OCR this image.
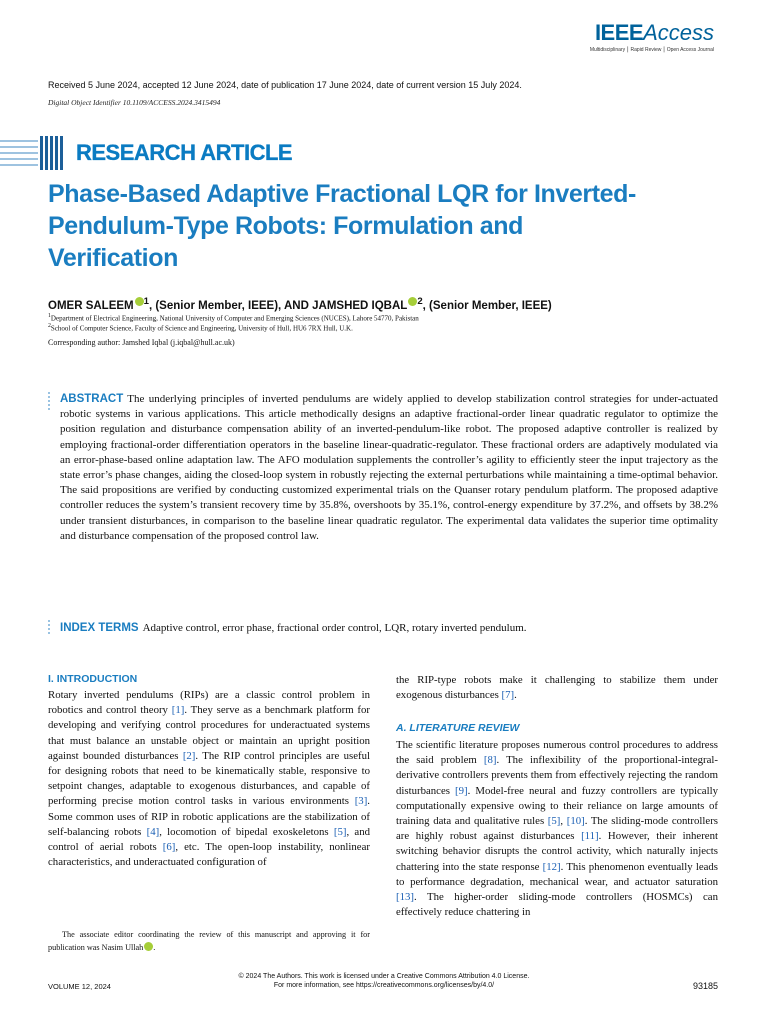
IEEEAccess
Multidisciplinary ⎮ Rapid Review ⎮ Open Access Journal
Received 5 June 2024, accepted 12 June 2024, date of publication 17 June 2024, date of current version 15 July 2024.
Digital Object Identifier 10.1109/ACCESS.2024.3415494
RESEARCH ARTICLE
Phase-Based Adaptive Fractional LQR for Inverted-Pendulum-Type Robots: Formulation and Verification
OMER SALEEM $^1$, (Senior Member, IEEE), AND JAMSHED IQBAL $^2$, (Senior Member, IEEE)
$^1$Department of Electrical Engineering, National University of Computer and Emerging Sciences (NUCES), Lahore 54770, Pakistan
$^2$School of Computer Science, Faculty of Science and Engineering, University of Hull, HU6 7RX Hull, U.K.
Corresponding author: Jamshed Iqbal (j.iqbal@hull.ac.uk)
ABSTRACT The underlying principles of inverted pendulums are widely applied to develop stabilization control strategies for under-actuated robotic systems in various applications. This article methodically designs an adaptive fractional-order linear quadratic regulator to optimize the position regulation and disturbance compensation ability of an inverted-pendulum-like robot. The proposed adaptive controller is realized by employing fractional-order differentiation operators in the baseline linear-quadratic-regulator. These fractional orders are adaptively modulated via an error-phase-based online adaptation law. The AFO modulation supplements the controller’s agility to efficiently steer the input trajectory as the state error’s phase changes, aiding the closed-loop system in robustly rejecting the external perturbations while maintaining a time-optimal behavior. The said propositions are verified by conducting customized experimental trials on the Quanser rotary pendulum platform. The proposed adaptive controller reduces the system’s transient recovery time by 35.8%, overshoots by 35.1%, control-energy expenditure by 37.2%, and offsets by 38.2% under transient disturbances, in comparison to the baseline linear quadratic regulator. The experimental data validates the superior time optimality and disturbance compensation of the proposed control law.
INDEX TERMS Adaptive control, error phase, fractional order control, LQR, rotary inverted pendulum.
I. INTRODUCTION
Rotary inverted pendulums (RIPs) are a classic control problem in robotics and control theory [1]. They serve as a benchmark platform for developing and verifying control procedures for underactuated systems that must balance an unstable object or maintain an upright position against bounded disturbances [2]. The RIP control principles are useful for designing robots that need to be kinematically stable, responsive to setpoint changes, adaptable to exogenous disturbances, and capable of performing precise motion control tasks in various environments [3]. Some common uses of RIP in robotic applications are the stabilization of self-balancing robots [4], locomotion of bipedal exoskeletons [5], and control of aerial robots [6], etc. The open-loop instability, nonlinear characteristics, and underactuated configuration of
the RIP-type robots make it challenging to stabilize them under exogenous disturbances [7].
A. LITERATURE REVIEW
The scientific literature proposes numerous control procedures to address the said problem [8]. The inflexibility of the proportional-integral-derivative controllers prevents them from effectively rejecting the random disturbances [9]. Model-free neural and fuzzy controllers are typically computationally expensive owing to their reliance on large amounts of training data and qualitative rules [5], [10]. The sliding-mode controllers are highly robust against disturbances [11]. However, their inherent switching behavior disrupts the control activity, which naturally injects chattering into the state response [12]. This phenomenon eventually leads to performance degradation, mechanical wear, and actuator saturation [13]. The higher-order sliding-mode controllers (HOSMCs) can effectively reduce chattering in
The associate editor coordinating the review of this manuscript and approving it for publication was Nasim Ullah .
© 2024 The Authors. This work is licensed under a Creative Commons Attribution 4.0 License.
For more information, see https://creativecommons.org/licenses/by/4.0/
VOLUME 12, 2024	93185
